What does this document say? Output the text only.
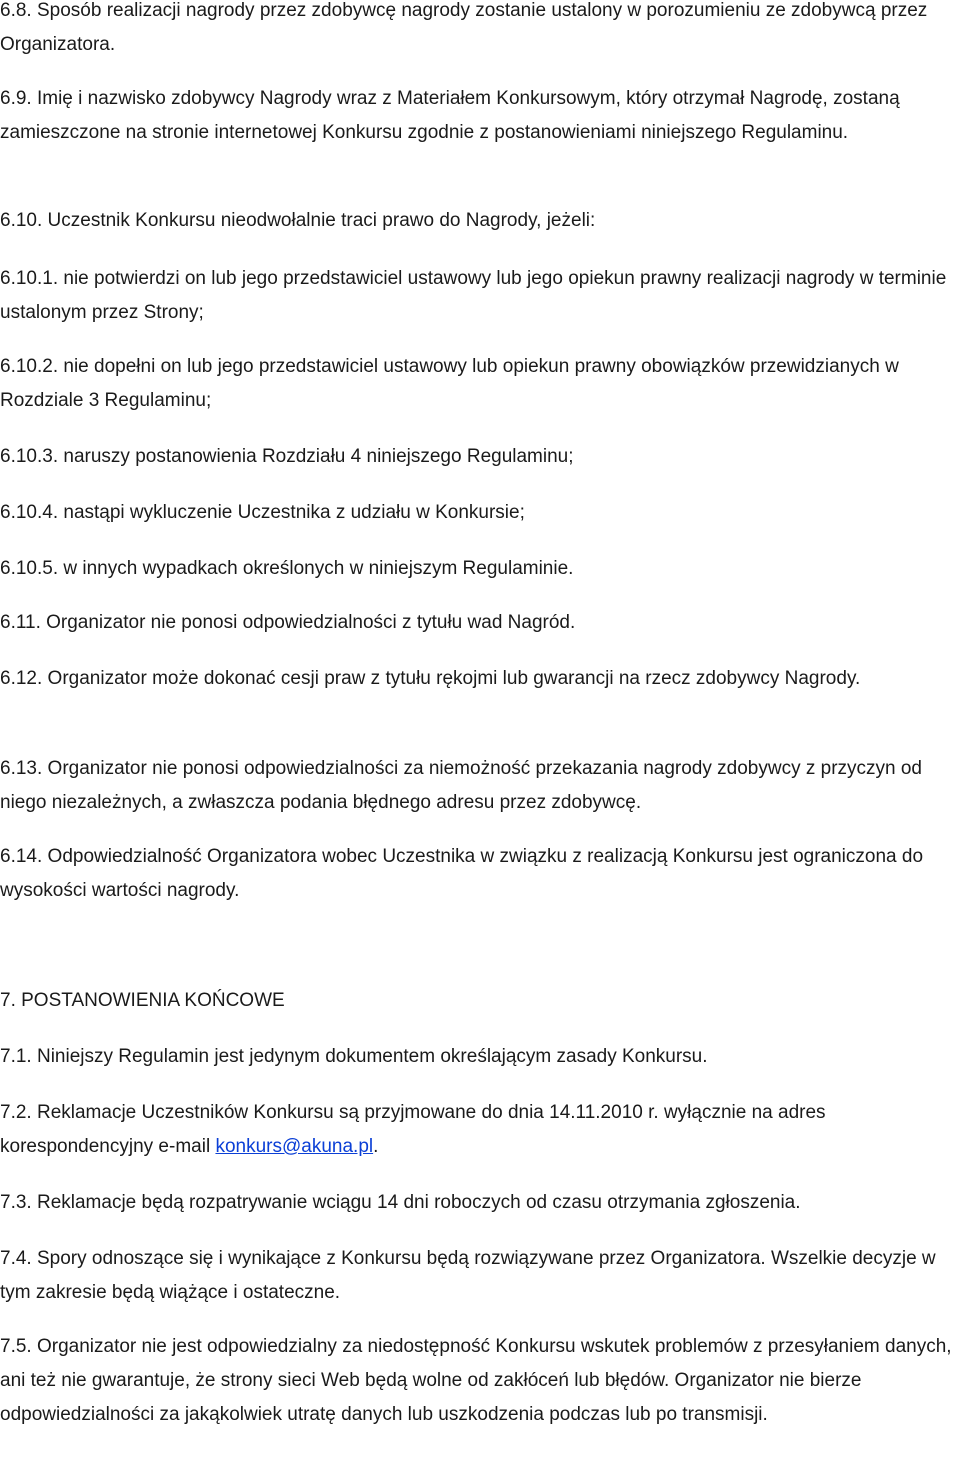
6.8. Sposób realizacji nagrody przez zdobywcę nagrody zostanie ustalony w porozumieniu ze zdobywcą przez Organizatora.

6.9. Imię i nazwisko zdobywcy Nagrody wraz z Materiałem Konkursowym, który otrzymał Nagrodę, zostaną zamieszczone na stronie internetowej Konkursu zgodnie z postanowieniami niniejszego Regulaminu.

6.10. Uczestnik Konkursu nieodwołalnie traci prawo do Nagrody, jeżeli:

6.10.1. nie potwierdzi on lub jego przedstawiciel ustawowy lub jego opiekun prawny realizacji nagrody w terminie ustalonym przez Strony;

6.10.2. nie dopełni on lub jego przedstawiciel ustawowy lub opiekun prawny obowiązków przewidzianych w Rozdziale 3 Regulaminu;

6.10.3. naruszy postanowienia Rozdziału 4 niniejszego Regulaminu;

6.10.4. nastąpi wykluczenie Uczestnika z udziału w Konkursie;

6.10.5. w innych wypadkach określonych w niniejszym Regulaminie.

6.11. Organizator nie ponosi odpowiedzialności z tytułu wad Nagród.

6.12. Organizator może dokonać cesji praw z tytułu rękojmi lub gwarancji na rzecz zdobywcy Nagrody.

6.13. Organizator nie ponosi odpowiedzialności za niemożność przekazania nagrody zdobywcy z przyczyn od niego niezależnych, a zwłaszcza podania błędnego adresu przez zdobywcę.

6.14. Odpowiedzialność Organizatora wobec Uczestnika w związku z realizacją Konkursu jest ograniczona do wysokości wartości nagrody.

7. POSTANOWIENIA KOŃCOWE

7.1. Niniejszy Regulamin jest jedynym dokumentem określającym zasady Konkursu.

7.2. Reklamacje Uczestników Konkursu są przyjmowane do dnia 14.11.2010 r. wyłącznie na adres korespondencyjny e-mail konkurs@akuna.pl.

7.3. Reklamacje będą rozpatrywanie wciągu 14 dni roboczych od czasu otrzymania zgłoszenia.

7.4. Spory odnoszące się i wynikające z Konkursu będą rozwiązywane przez Organizatora. Wszelkie decyzje w tym zakresie będą wiążące i ostateczne.

7.5. Organizator nie jest odpowiedzialny za niedostępność Konkursu wskutek problemów z przesyłaniem danych, ani też nie gwarantuje, że strony sieci Web będą wolne od zakłóceń lub błędów. Organizator nie bierze odpowiedzialności za jakąkolwiek utratę danych lub uszkodzenia podczas lub po transmisji.
